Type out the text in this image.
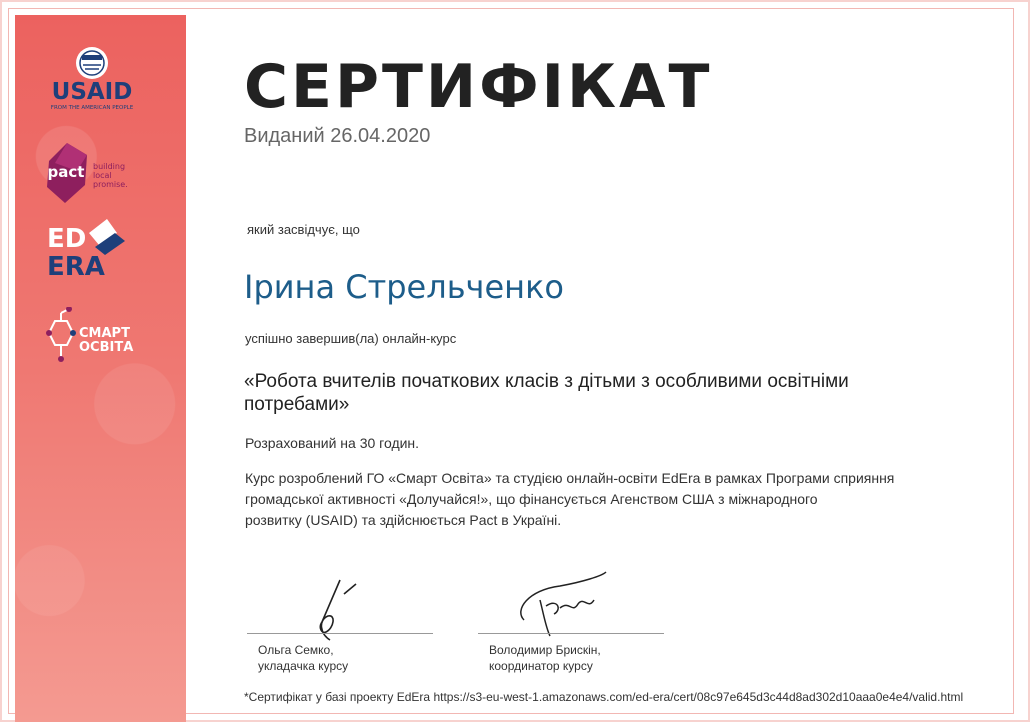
USAID
FROM THE AMERICAN PEOPLE
pact building
local
promise.
ED
ERA
СМАРТ
ОСВІТА
СЕРТИФІКАТ
Виданий 26.04.2020
який засвідчує, що
Ірина Стрельченко
успішно завершив(ла) онлайн-курс
«Робота вчителів початкових класів з дітьми з особливими освітніми
потребами»
Розрахований на 30 годин.
Курс розроблений ГО «Смарт Освіта» та студією онлайн-освіти EdEra в рамках Програми сприяння
громадської активності «Долучайся!», що фінансується Агенством США з міжнародного
розвитку (USAID) та здійснюється Pact в Україні.
Ольга Семко,
укладачка курсу
Володимир Брискін,
координатор курсу
*Сертифікат у базі проекту EdEra https://s3-eu-west-1.amazonaws.com/ed-era/cert/08c97e645d3c44d8ad302d10aaa0e4e4/valid.html
